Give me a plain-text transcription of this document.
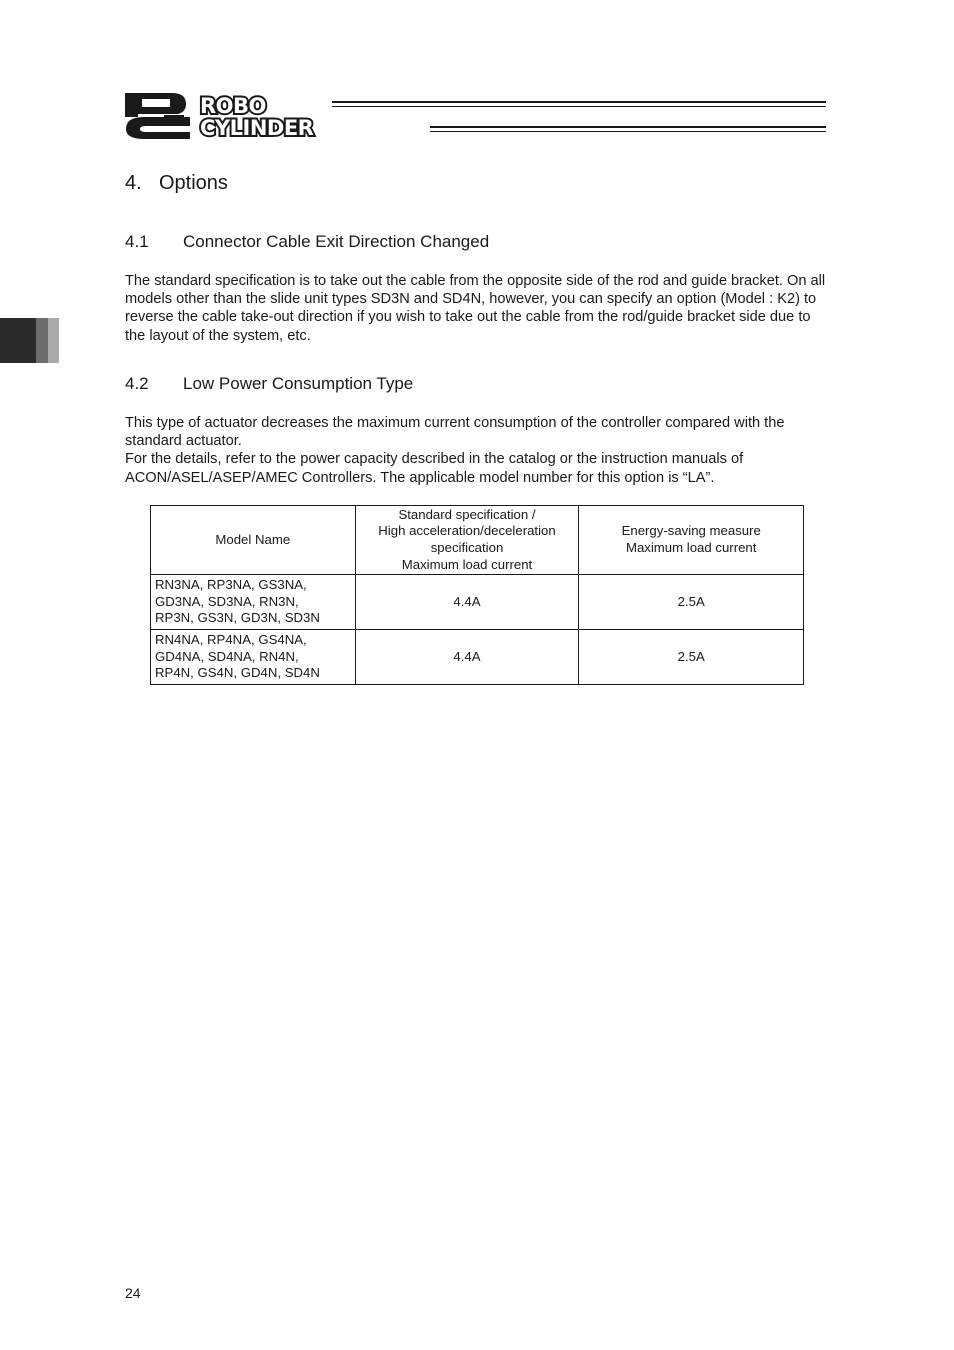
ROBO
CYLINDER
4. Options
4.1 Connector Cable Exit Direction Changed

The standard specification is to take out the cable from the opposite side of the rod and guide bracket. On all models other than the slide unit types SD3N and SD4N, however, you can specify an option (Model : K2) to reverse the cable take-out direction if you wish to take out the cable from the rod/guide bracket side due to the layout of the system, etc.

4.2 Low Power Consumption Type

This type of actuator decreases the maximum current consumption of the controller compared with the standard actuator.

For the details, refer to the power capacity described in the catalog or the instruction manuals of ACON/ASEL/ASEP/AMEC Controllers. The applicable model number for this option is “LA”.

Model Name	Standard specification /
High acceleration/deceleration
specification
Maximum load current	Energy-saving measure
Maximum load current

RN3NA, RP3NA, GS3NA,
GD3NA, SD3NA, RN3N,
RP3N, GS3N, GD3N, SD3N	4.4A	2.5A

RN4NA, RP4NA, GS4NA,
GD4NA, SD4NA, RN4N,
RP4N, GS4N, GD4N, SD4N	4.4A	2.5A
24
